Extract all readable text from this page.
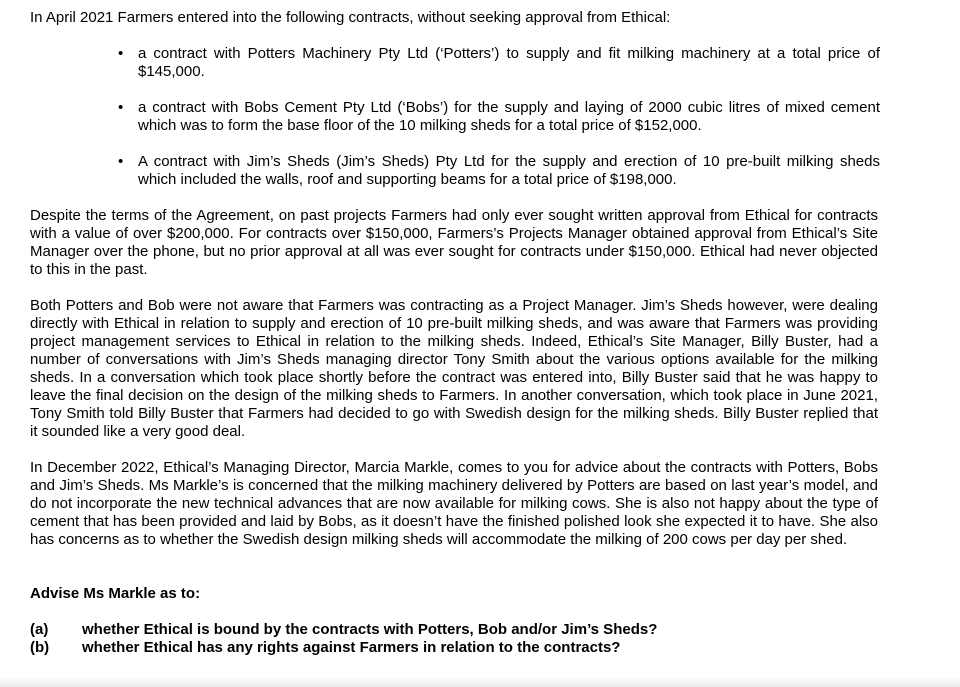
In April 2021 Farmers entered into the following contracts, without seeking approval from Ethical:

• a contract with Potters Machinery Pty Ltd (‘Potters’) to supply and fit milking machinery at a total price of $145,000.
• a contract with Bobs Cement Pty Ltd (‘Bobs’) for the supply and laying of 2000 cubic litres of mixed cement which was to form the base floor of the 10 milking sheds for a total price of $152,000.
• A contract with Jim’s Sheds (Jim’s Sheds) Pty Ltd for the supply and erection of 10 pre-built milking sheds which included the walls, roof and supporting beams for a total price of $198,000.

Despite the terms of the Agreement, on past projects Farmers had only ever sought written approval from Ethical for contracts with a value of over $200,000. For contracts over $150,000, Farmers’s Projects Manager obtained approval from Ethical’s Site Manager over the phone, but no prior approval at all was ever sought for contracts under $150,000. Ethical had never objected to this in the past.

Both Potters and Bob were not aware that Farmers was contracting as a Project Manager. Jim’s Sheds however, were dealing directly with Ethical in relation to supply and erection of 10 pre-built milking sheds, and was aware that Farmers was providing project management services to Ethical in relation to the milking sheds. Indeed, Ethical’s Site Manager, Billy Buster, had a number of conversations with Jim’s Sheds managing director Tony Smith about the various options available for the milking sheds. In a conversation which took place shortly before the contract was entered into, Billy Buster said that he was happy to leave the final decision on the design of the milking sheds to Farmers. In another conversation, which took place in June 2021, Tony Smith told Billy Buster that Farmers had decided to go with Swedish design for the milking sheds. Billy Buster replied that it sounded like a very good deal.

In December 2022, Ethical’s Managing Director, Marcia Markle, comes to you for advice about the contracts with Potters, Bobs and Jim’s Sheds. Ms Markle’s is concerned that the milking machinery delivered by Potters are based on last year’s model, and do not incorporate the new technical advances that are now available for milking cows. She is also not happy about the type of cement that has been provided and laid by Bobs, as it doesn’t have the finished polished look she expected it to have. She also has concerns as to whether the Swedish design milking sheds will accommodate the milking of 200 cows per day per shed.

Advise Ms Markle as to:

(a) whether Ethical is bound by the contracts with Potters, Bob and/or Jim’s Sheds?
(b) whether Ethical has any rights against Farmers in relation to the contracts?
